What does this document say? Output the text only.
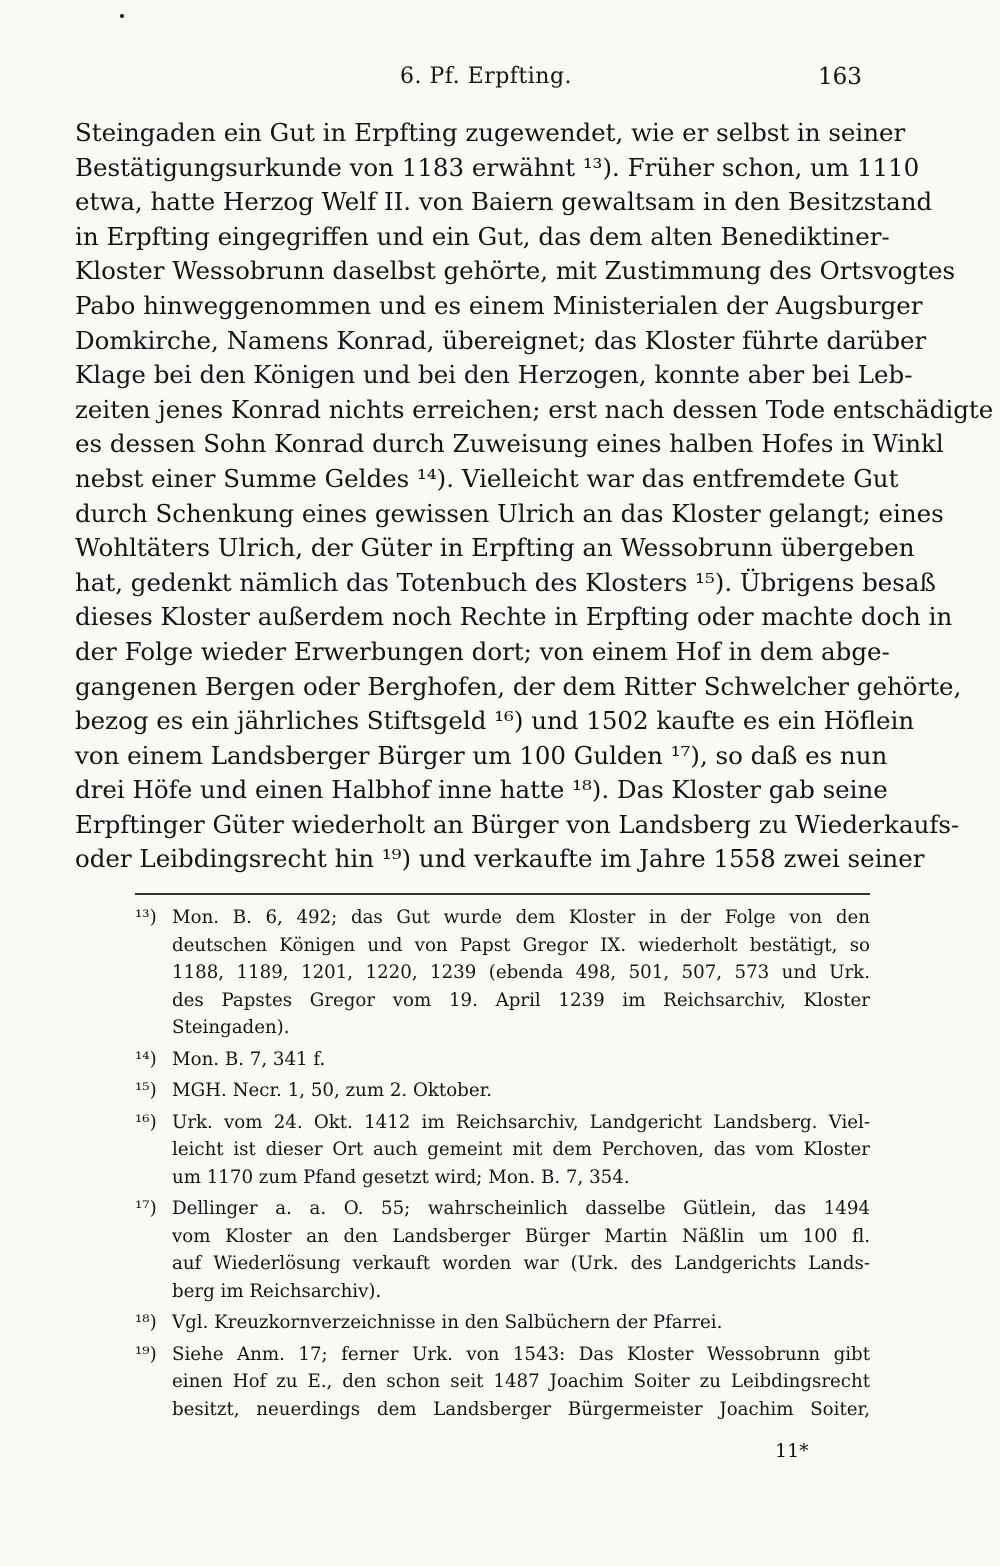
6. Pf. Erpfting.	163
Steingaden ein Gut in Erpfting zugewendet, wie er selbst in seiner
Bestätigungsurkunde von 1183 erwähnt ¹³). Früher schon, um 1110
etwa, hatte Herzog Welf II. von Baiern gewaltsam in den Besitzstand
in Erpfting eingegriffen und ein Gut, das dem alten Benediktiner-
Kloster Wessobrunn daselbst gehörte, mit Zustimmung des Ortsvogtes
Pabo hinweggenommen und es einem Ministerialen der Augsburger
Domkirche, Namens Konrad, übereignet; das Kloster führte darüber
Klage bei den Königen und bei den Herzogen, konnte aber bei Leb-
zeiten jenes Konrad nichts erreichen; erst nach dessen Tode entschädigte
es dessen Sohn Konrad durch Zuweisung eines halben Hofes in Winkl
nebst einer Summe Geldes ¹⁴). Vielleicht war das entfremdete Gut
durch Schenkung eines gewissen Ulrich an das Kloster gelangt; eines
Wohltäters Ulrich, der Güter in Erpfting an Wessobrunn übergeben
hat, gedenkt nämlich das Totenbuch des Klosters ¹⁵). Übrigens besaß
dieses Kloster außerdem noch Rechte in Erpfting oder machte doch in
der Folge wieder Erwerbungen dort; von einem Hof in dem abge-
gangenen Bergen oder Berghofen, der dem Ritter Schwelcher gehörte,
bezog es ein jährliches Stiftsgeld ¹⁶) und 1502 kaufte es ein Höflein
von einem Landsberger Bürger um 100 Gulden ¹⁷), so daß es nun
drei Höfe und einen Halbhof inne hatte ¹⁸). Das Kloster gab seine
Erpftinger Güter wiederholt an Bürger von Landsberg zu Wiederkaufs-
oder Leibdingsrecht hin ¹⁹) und verkaufte im Jahre 1558 zwei seiner
¹³)Mon. B. 6, 492; das Gut wurde dem Kloster in der Folge von den
deutschen Königen und von Papst Gregor IX. wiederholt bestätigt, so
1188, 1189, 1201, 1220, 1239 (ebenda 498, 501, 507, 573 und Urk.
des Papstes Gregor vom 19. April 1239 im Reichsarchiv, Kloster
Steingaden).
¹⁴)Mon. B. 7, 341 f.
¹⁵)MGH. Necr. 1, 50, zum 2. Oktober.
¹⁶)Urk. vom 24. Okt. 1412 im Reichsarchiv, Landgericht Landsberg. Viel-
leicht ist dieser Ort auch gemeint mit dem Perchoven, das vom Kloster
um 1170 zum Pfand gesetzt wird; Mon. B. 7, 354.
¹⁷)Dellinger a. a. O. 55; wahrscheinlich dasselbe Gütlein, das 1494
vom Kloster an den Landsberger Bürger Martin Näßlin um 100 fl.
auf Wiederlösung verkauft worden war (Urk. des Landgerichts Lands-
berg im Reichsarchiv).
¹⁸)Vgl. Kreuzkornverzeichnisse in den Salbüchern der Pfarrei.
¹⁹)Siehe Anm. 17; ferner Urk. von 1543: Das Kloster Wessobrunn gibt
einen Hof zu E., den schon seit 1487 Joachim Soiter zu Leibdingsrecht
besitzt, neuerdings dem Landsberger Bürgermeister Joachim Soiter,
11*
